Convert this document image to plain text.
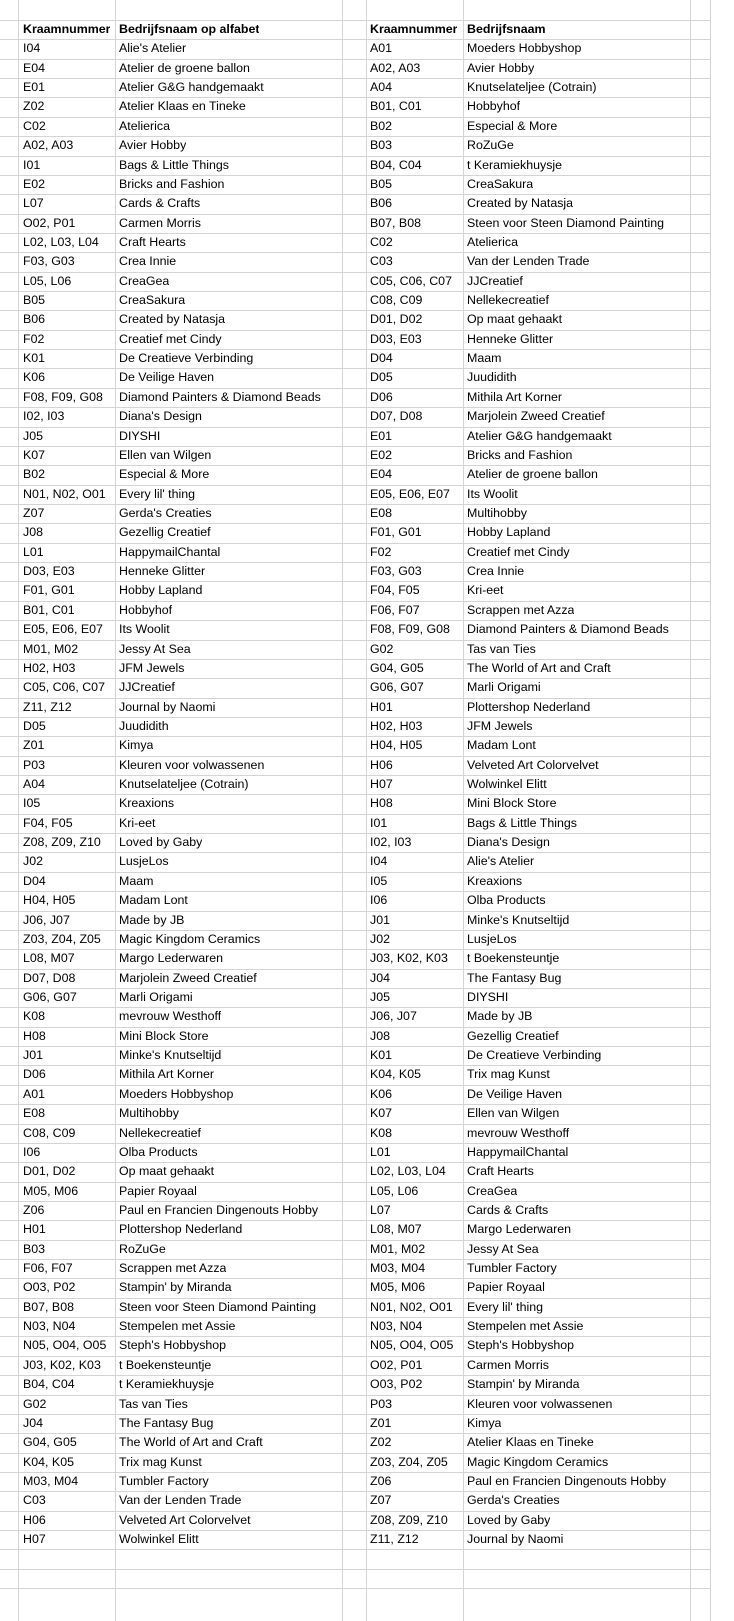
Kraamnummer Bedrijfsnaam op alfabet	Kraamnummer Bedrijfsnaam
I04	Alie's Atelier
E04	Atelier de groene ballon
E01	Atelier G&G handgemaakt
Z02	Atelier Klaas en Tineke
C02	Atelierica
A02, A03	Avier Hobby
I01	Bags & Little Things
E02	Bricks and Fashion
L07	Cards & Crafts
O02, P01	Carmen Morris
L02, L03, L04 Craft Hearts
F03, G03	Crea Innie
L05, L06	CreaGea
B05	CreaSakura
B06	Created by Natasja
F02	Creatief met Cindy
K01	De Creatieve Verbinding
K06	De Veilige Haven
F08, F09, G08 Diamond Painters & Diamond Beads
I02, I03	Diana's Design
J05	DIYSHI
K07	Ellen van Wilgen
B02	Especial & More
N01, N02, O01 Every lil' thing
Z07	Gerda's Creaties
J08	Gezellig Creatief
L01	HappymailChantal
D03, E03	Henneke Glitter
F01, G01	Hobby Lapland
B01, C01	Hobbyhof
E05, E06, E07 Its Woolit
M01, M02	Jessy At Sea
H02, H03	JFM Jewels
C05, C06, C07 JJCreatief
Z11, Z12	Journal by Naomi
D05	Juudidith
Z01	Kimya
P03	Kleuren voor volwassenen
A04	Knutselateljee (Cotrain)
I05	Kreaxions
F04, F05	Kri-eet
Z08, Z09, Z10 Loved by Gaby
J02	LusjeLos
D04	Maam
H04, H05	Madam Lont
J06, J07	Made by JB
Z03, Z04, Z05 Magic Kingdom Ceramics
L08, M07	Margo Lederwaren
D07, D08	Marjolein Zweed Creatief
G06, G07	Marli Origami
K08	mevrouw Westhoff
H08	Mini Block Store
J01	Minke's Knutseltijd
D06	Mithila Art Korner
A01	Moeders Hobbyshop
E08	Multihobby
C08, C09	Nellekecreatief
I06	Olba Products
D01, D02	Op maat gehaakt
M05, M06	Papier Royaal
Z06	Paul en Francien Dingenouts Hobby
H01	Plottershop Nederland
B03	RoZuGe
F06, F07	Scrappen met Azza
O03, P02	Stampin' by Miranda
B07, B08	Steen voor Steen Diamond Painting
N03, N04	Stempelen met Assie
N05, O04, O05 Steph's Hobbyshop
J03, K02, K03 t Boekensteuntje
B04, C04	t Keramiekhuysje
G02	Tas van Ties
J04	The Fantasy Bug
G04, G05	The World of Art and Craft
K04, K05	Trix mag Kunst
M03, M04	Tumbler Factory
C03	Van der Lenden Trade
H06	Velveted Art Colorvelvet
H07	Wolwinkel Elitt
A01	Moeders Hobbyshop
A02, A03	Avier Hobby
A04	Knutselateljee (Cotrain)
B01, C01	Hobbyhof
B02	Especial & More
B03	RoZuGe
B04, C04	t Keramiekhuysje
B05	CreaSakura
B06	Created by Natasja
B07, B08	Steen voor Steen Diamond Painting
C02	Atelierica
C03	Van der Lenden Trade
C05, C06, C07 JJCreatief
C08, C09	Nellekecreatief
D01, D02	Op maat gehaakt
D03, E03	Henneke Glitter
D04	Maam
D05	Juudidith
D06	Mithila Art Korner
D07, D08	Marjolein Zweed Creatief
E01	Atelier G&G handgemaakt
E02	Bricks and Fashion
E04	Atelier de groene ballon
E05, E06, E07 Its Woolit
E08	Multihobby
F01, G01	Hobby Lapland
F02	Creatief met Cindy
F03, G03	Crea Innie
F04, F05	Kri-eet
F06, F07	Scrappen met Azza
F08, F09, G08 Diamond Painters & Diamond Beads
G02	Tas van Ties
G04, G05	The World of Art and Craft
G06, G07	Marli Origami
H01	Plottershop Nederland
H02, H03	JFM Jewels
H04, H05	Madam Lont
H06	Velveted Art Colorvelvet
H07	Wolwinkel Elitt
H08	Mini Block Store
I01	Bags & Little Things
I02, I03	Diana's Design
I04	Alie's Atelier
I05	Kreaxions
I06	Olba Products
J01	Minke's Knutseltijd
J02	LusjeLos
J03, K02, K03 t Boekensteuntje
J04	The Fantasy Bug
J05	DIYSHI
J06, J07	Made by JB
J08	Gezellig Creatief
K01	De Creatieve Verbinding
K04, K05	Trix mag Kunst
K06	De Veilige Haven
K07	Ellen van Wilgen
K08	mevrouw Westhoff
L01	HappymailChantal
L02, L03, L04 Craft Hearts
L05, L06	CreaGea
L07	Cards & Crafts
L08, M07	Margo Lederwaren
M01, M02	Jessy At Sea
M03, M04	Tumbler Factory
M05, M06	Papier Royaal
N01, N02, O01 Every lil' thing
N03, N04	Stempelen met Assie
N05, O04, O05 Steph's Hobbyshop
O02, P01	Carmen Morris
O03, P02	Stampin' by Miranda
P03	Kleuren voor volwassenen
Z01	Kimya
Z02	Atelier Klaas en Tineke
Z03, Z04, Z05 Magic Kingdom Ceramics
Z06	Paul en Francien Dingenouts Hobby
Z07	Gerda's Creaties
Z08, Z09, Z10 Loved by Gaby
Z11, Z12	Journal by Naomi
